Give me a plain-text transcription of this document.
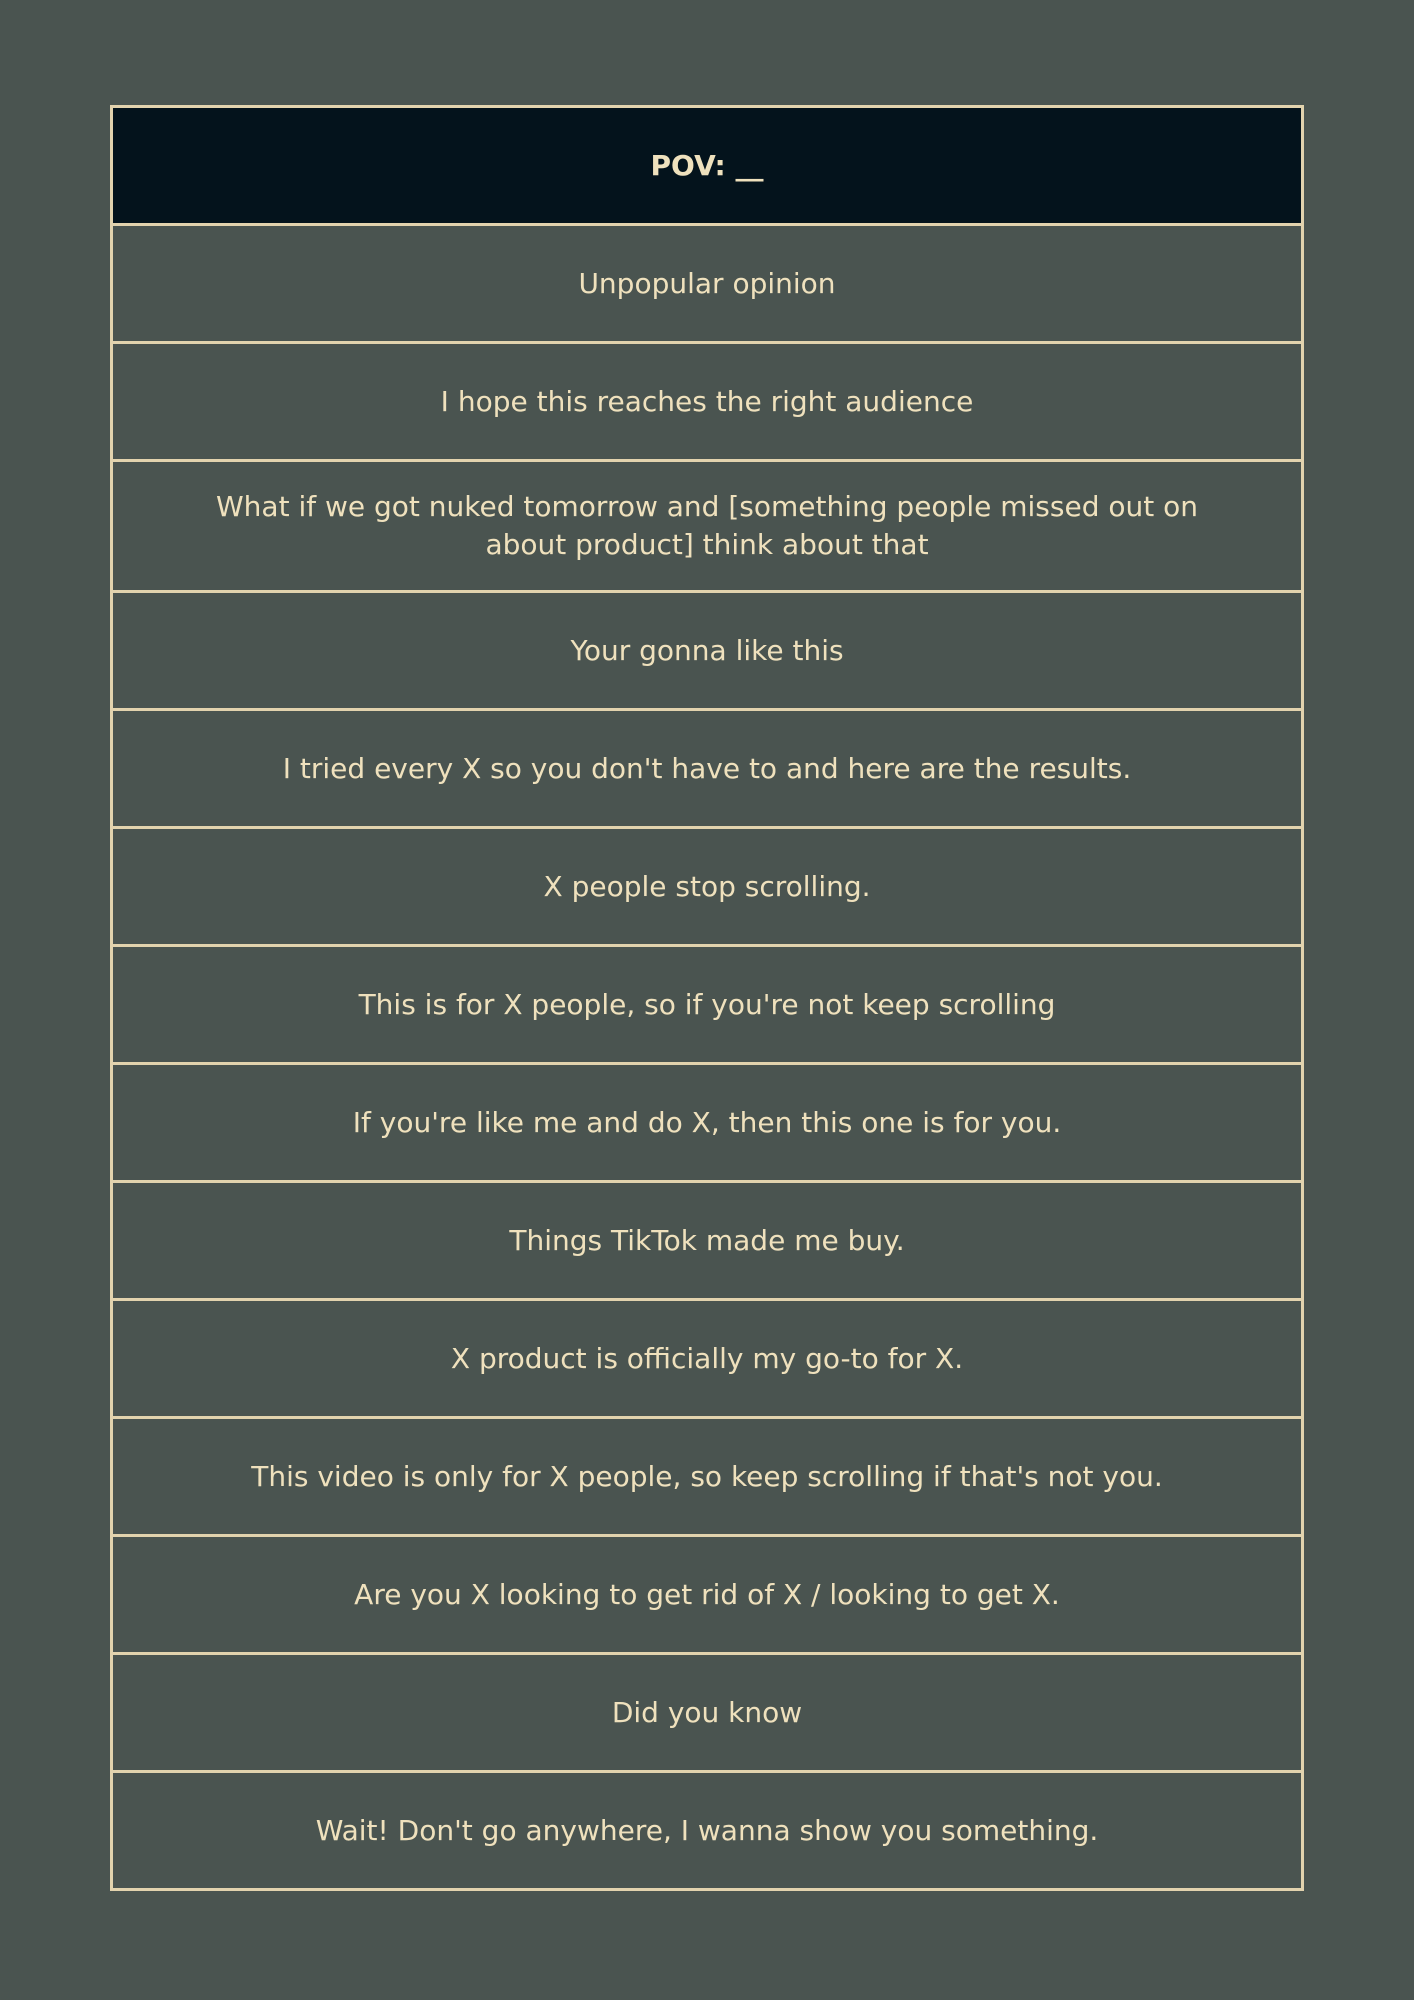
POV: __
Unpopular opinion
I hope this reaches the right audience
What if we got nuked tomorrow and [something people missed out on about product] think about that
Your gonna like this
I tried every X so you don't have to and here are the results.
X people stop scrolling.
This is for X people, so if you're not keep scrolling
If you're like me and do X, then this one is for you.
Things TikTok made me buy.
X product is officially my go-to for X.
This video is only for X people, so keep scrolling if that's not you.
Are you X looking to get rid of X / looking to get X.
Did you know
Wait! Don't go anywhere, I wanna show you something.
